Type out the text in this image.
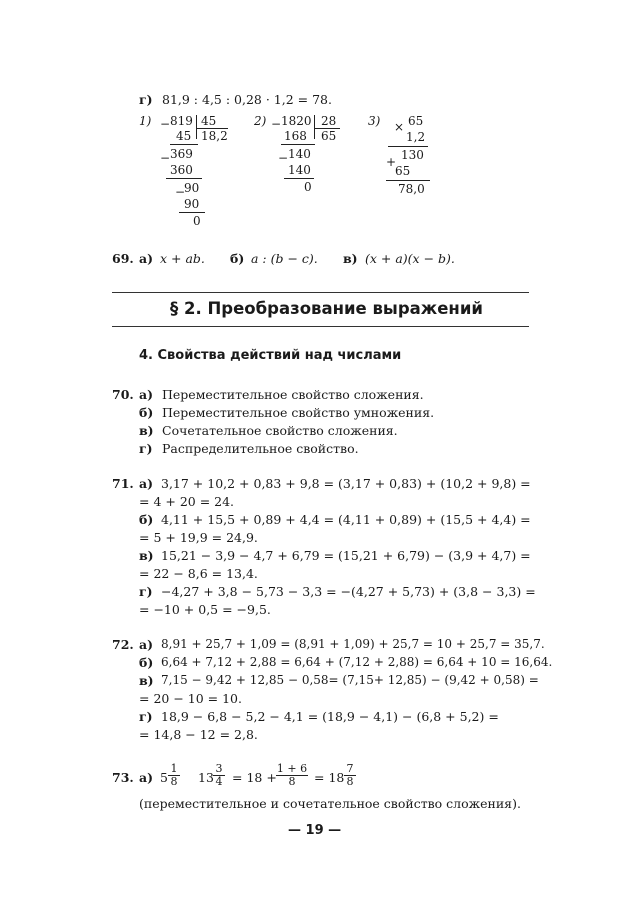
г) 81,9 : 4,5 : 0,28 · 1,2 = 78.
1) − 819 45
45 18,2
− 369
360
−
90
90
0
2) − 1820 28
168 65
− 140
140
0
3) × 65
1,2
+ 130
65
78,0
69. а) x + ab. б) a : (b − c). в) (x + a)(x − b).
§ 2. Преобразование выражений
4. Свойства действий над числами
70. а) Переместительное свойство сложения.
б) Переместительное свойство умножения.
в) Сочетательное свойство сложения.
г) Распределительное свойство.
71. а) 3,17 + 10,2 + 0,83 + 9,8 = (3,17 + 0,83) + (10,2 + 9,8) =
= 4 + 20 = 24.
б) 4,11 + 15,5 + 0,89 + 4,4 = (4,11 + 0,89) + (15,5 + 4,4) =
= 5 + 19,9 = 24,9.
в) 15,21 − 3,9 − 4,7 + 6,79 = (15,21 + 6,79) − (3,9 + 4,7) =
= 22 − 8,6 = 13,4.
г) −4,27 + 3,8 − 5,73 − 3,3 = −(4,27 + 5,73) + (3,8 − 3,3) =
= −10 + 0,5 = −9,5.
72. а) 8,91 + 25,7 + 1,09 = (8,91 + 1,09) + 25,7 = 10 + 25,7 = 35,7.
б) 6,64 + 7,12 + 2,88 = 6,64 + (7,12 + 2,88) = 6,64 + 10 = 16,64.
в) 7,15 − 9,42 + 12,85 − 0,58= (7,15+ 12,85) − (9,42 + 0,58) =
= 20 − 10 = 10.
г) 18,9 − 6,8 − 5,2 − 4,1 = (18,9 − 4,1) − (6,8 + 5,2) =
= 14,8 − 12 = 2,8.
73. а) $5 \frac{1}{8} 13 \frac{3}{4} = 18 + \frac{1 + 6}{8} = 18 \frac{7}{8}$
(переместительное и сочетательное свойство сложения).
— 19 —
